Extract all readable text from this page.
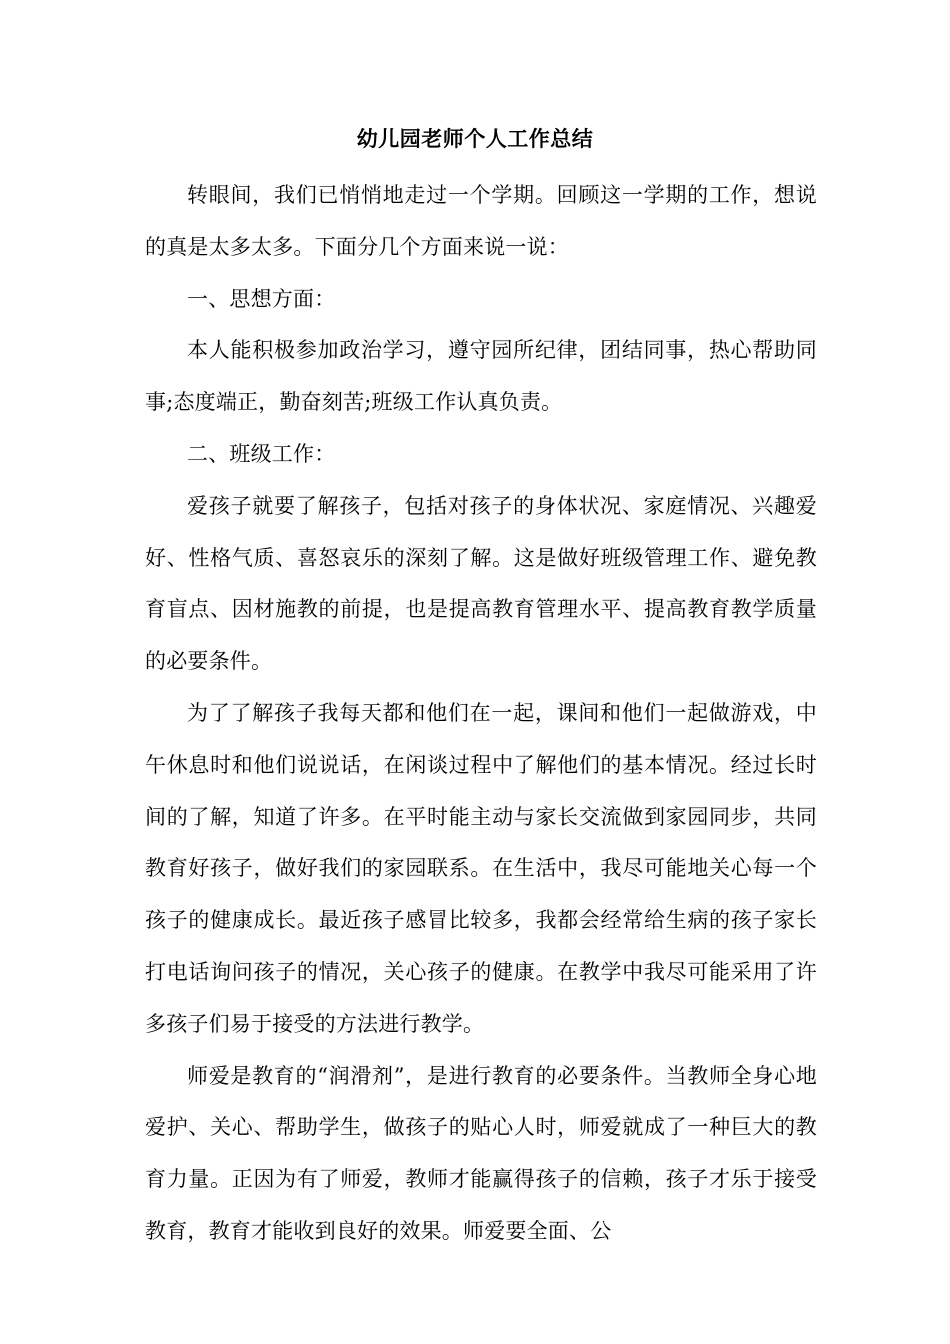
幼儿园老师个人工作总结

转眼间，我们已悄悄地走过一个学期。回顾这一学期的工作，想说的真是太多太多。下面分几个方面来说一说：

一、思想方面：

本人能积极参加政治学习，遵守园所纪律，团结同事，热心帮助同事;态度端正，勤奋刻苦;班级工作认真负责。

二、班级工作：

爱孩子就要了解孩子，包括对孩子的身体状况、家庭情况、兴趣爱好、性格气质、喜怒哀乐的深刻了解。这是做好班级管理工作、避免教育盲点、因材施教的前提，也是提高教育管理水平、提高教育教学质量的必要条件。

为了了解孩子我每天都和他们在一起，课间和他们一起做游戏，中午休息时和他们说说话，在闲谈过程中了解他们的基本情况。经过长时间的了解，知道了许多。在平时能主动与家长交流做到家园同步，共同教育好孩子，做好我们的家园联系。在生活中，我尽可能地关心每一个孩子的健康成长。最近孩子感冒比较多，我都会经常给生病的孩子家长打电话询问孩子的情况，关心孩子的健康。在教学中我尽可能采用了许多孩子们易于接受的方法进行教学。

师爱是教育的“润滑剂”，是进行教育的必要条件。当教师全身心地爱护、关心、帮助学生，做孩子的贴心人时，师爱就成了一种巨大的教育力量。正因为有了师爱，教师才能赢得孩子的信赖，孩子才乐于接受教育，教育才能收到良好的效果。师爱要全面、公
